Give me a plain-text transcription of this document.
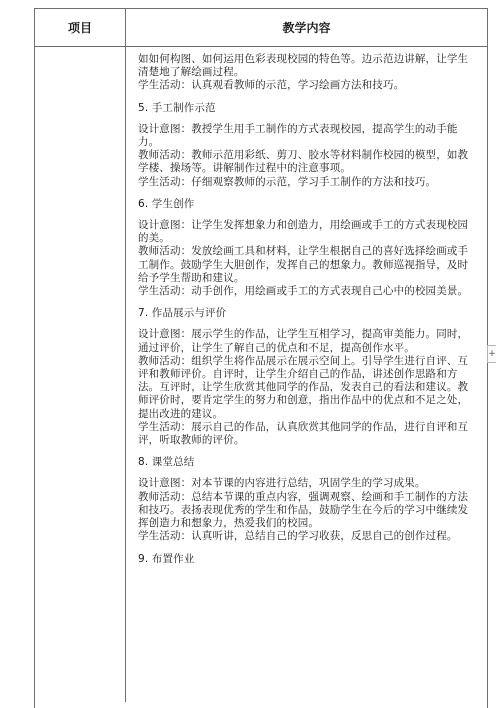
项目	教学内容

如如何构图、如何运用色彩表现校园的特色等。边示范边讲解，让学生清楚地了解绘画过程。

学生活动：认真观看教师的示范，学习绘画方法和技巧。

5. 手工制作示范

设计意图：教授学生用手工制作的方式表现校园，提高学生的动手能力。

教师活动：教师示范用彩纸、剪刀、胶水等材料制作校园的模型，如教学楼、操场等。讲解制作过程中的注意事项。

学生活动：仔细观察教师的示范，学习手工制作的方法和技巧。

6. 学生创作

设计意图：让学生发挥想象力和创造力，用绘画或手工的方式表现校园的美。

教师活动：发放绘画工具和材料，让学生根据自己的喜好选择绘画或手工制作。鼓励学生大胆创作，发挥自己的想象力。教师巡视指导，及时给予学生帮助和建议。

学生活动：动手创作，用绘画或手工的方式表现自己心中的校园美景。

7. 作品展示与评价

设计意图：展示学生的作品，让学生互相学习，提高审美能力。同时，通过评价，让学生了解自己的优点和不足，提高创作水平。

教师活动：组织学生将作品展示在展示空间上。引导学生进行自评、互评和教师评价。自评时，让学生介绍自己的作品，讲述创作思路和方法。互评时，让学生欣赏其他同学的作品，发表自己的看法和建议。教师评价时，要肯定学生的努力和创意，指出作品中的优点和不足之处，提出改进的建议。

学生活动：展示自己的作品，认真欣赏其他同学的作品，进行自评和互评，听取教师的评价。

8. 课堂总结

设计意图：对本节课的内容进行总结，巩固学生的学习成果。

教师活动：总结本节课的重点内容，强调观察、绘画和手工制作的方法和技巧。表扬表现优秀的学生和作品，鼓励学生在今后的学习中继续发挥创造力和想象力，热爱我们的校园。

学生活动：认真听讲，总结自己的学习收获，反思自己的创作过程。

9. 布置作业

+
